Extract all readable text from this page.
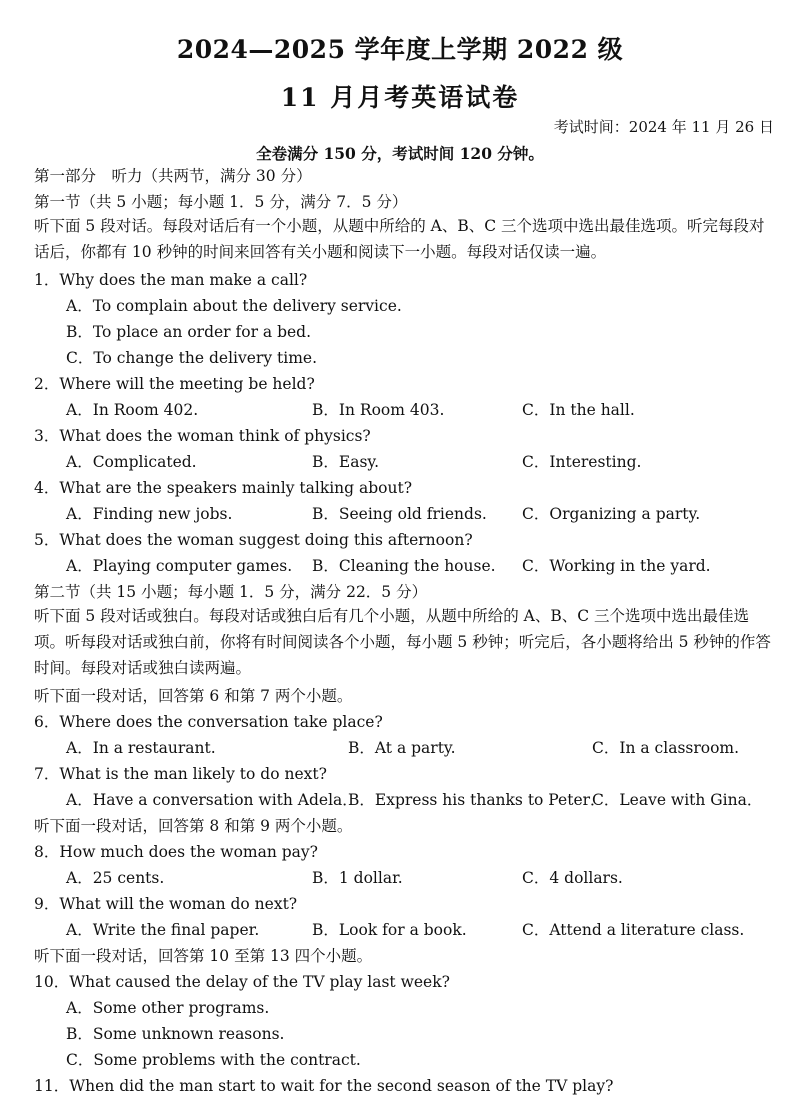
2024—2025 学年度上学期 2022 级
11 月月考英语试卷
考试时间：2024 年 11 月 26 日
全卷满分 150 分，考试时间 120 分钟。
第一部分　听力（共两节，满分 30 分）
第一节（共 5 小题；每小题 1．5 分，满分 7．5 分）
听下面 5 段对话。每段对话后有一个小题，从题中所给的 A、B、C 三个选项中选出最佳选项。听完每段对话后，你都有 10 秒钟的时间来回答有关小题和阅读下一小题。每段对话仅读一遍。
1．Why does the man make a call?
A．To complain about the delivery service.
B．To place an order for a bed.
C．To change the delivery time.
2．Where will the meeting be held?
A．In Room 402.	B．In Room 403.	C．In the hall.
3．What does the woman think of physics?
A．Complicated.	B．Easy.	C．Interesting.
4．What are the speakers mainly talking about?
A．Finding new jobs.	B．Seeing old friends. C．Organizing a party.
5．What does the woman suggest doing this afternoon?
A．Playing computer games. B．Cleaning the house. C．Working in the yard.
第二节（共 15 小题；每小题 1．5 分，满分 22．5 分）
听下面 5 段对话或独白。每段对话或独白后有几个小题，从题中所给的 A、B、C 三个选项中选出最佳选项。听每段对话或独白前，你将有时间阅读各个小题，每小题 5 秒钟；听完后，各小题将给出 5 秒钟的作答时间。每段对话或独白读两遍。
听下面一段对话，回答第 6 和第 7 两个小题。
6．Where does the conversation take place?
A．In a restaurant.	B．At a party.	C．In a classroom.
7．What is the man likely to do next?
A．Have a conversation with Adela．
B．Express his thanks to Peter．
C．Leave with Gina．
听下面一段对话，回答第 8 和第 9 两个小题。
8．How much does the woman pay?
A．25 cents.	B．1 dollar.	C．4 dollars.
9．What will the woman do next?
A．Write the final paper.	B．Look for a book.	C．Attend a literature class.
听下面一段对话，回答第 10 至第 13 四个小题。
10．What caused the delay of the TV play last week?
A．Some other programs.
B．Some unknown reasons.
C．Some problems with the contract.
11．When did the man start to wait for the second season of the TV play?
